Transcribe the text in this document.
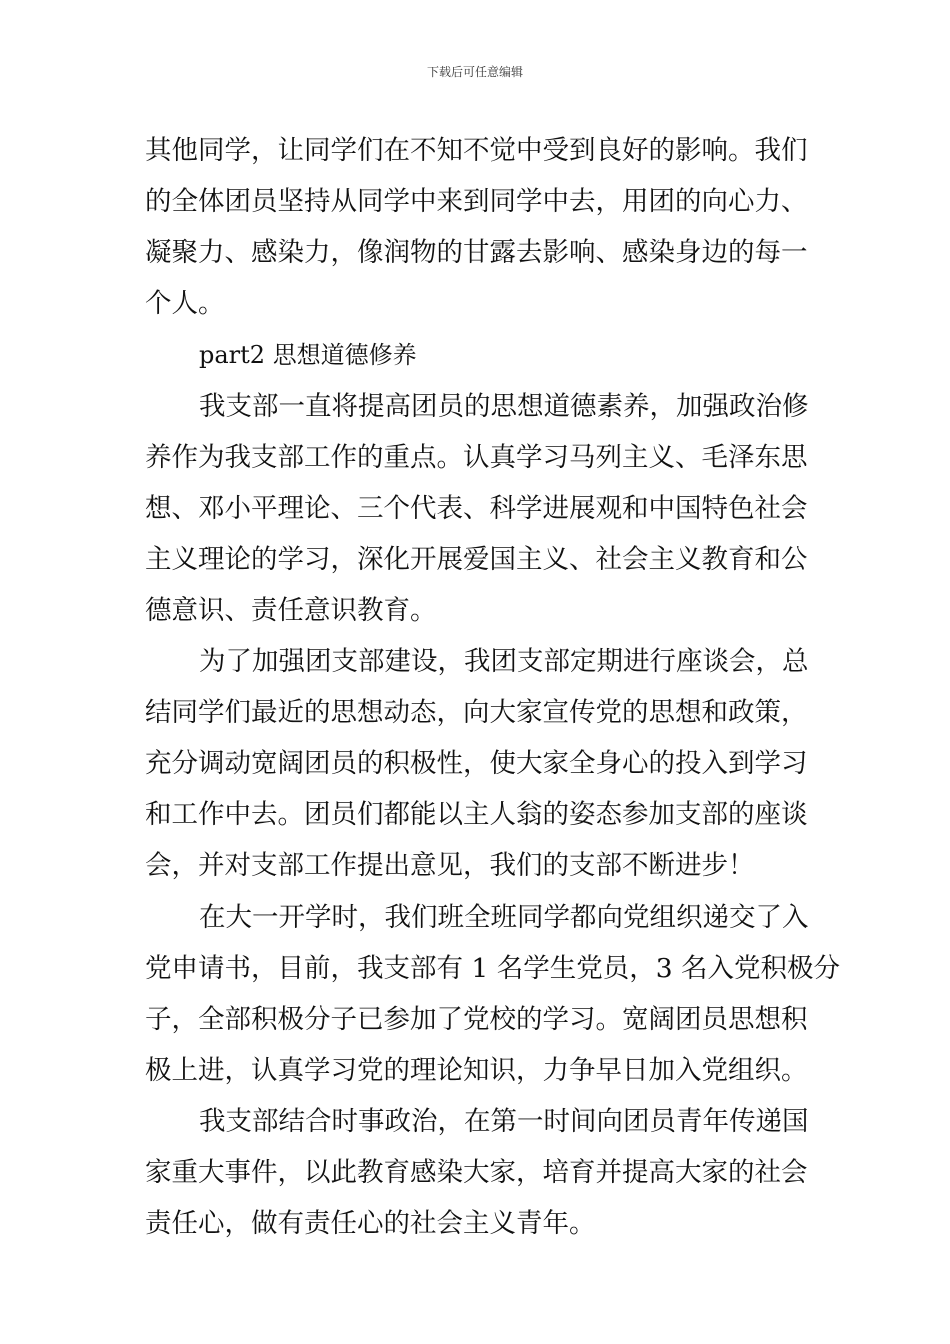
下载后可任意编辑
其他同学，让同学们在不知不觉中受到良好的影响。我们
的全体团员坚持从同学中来到同学中去，用团的向心力、
凝聚力、感染力，像润物的甘露去影响、感染身边的每一
个人。
part2 思想道德修养
我支部一直将提高团员的思想道德素养，加强政治修
养作为我支部工作的重点。认真学习马列主义、毛泽东思
想、邓小平理论、三个代表、科学进展观和中国特色社会
主义理论的学习，深化开展爱国主义、社会主义教育和公
德意识、责任意识教育。
为了加强团支部建设，我团支部定期进行座谈会，总
结同学们最近的思想动态，向大家宣传党的思想和政策，
充分调动宽阔团员的积极性，使大家全身心的投入到学习
和工作中去。团员们都能以主人翁的姿态参加支部的座谈
会，并对支部工作提出意见，我们的支部不断进步！
在大一开学时，我们班全班同学都向党组织递交了入
党申请书，目前，我支部有 1 名学生党员，3 名入党积极分
子，全部积极分子已参加了党校的学习。宽阔团员思想积
极上进，认真学习党的理论知识，力争早日加入党组织。
我支部结合时事政治，在第一时间向团员青年传递国
家重大事件，以此教育感染大家，培育并提高大家的社会
责任心，做有责任心的社会主义青年。
